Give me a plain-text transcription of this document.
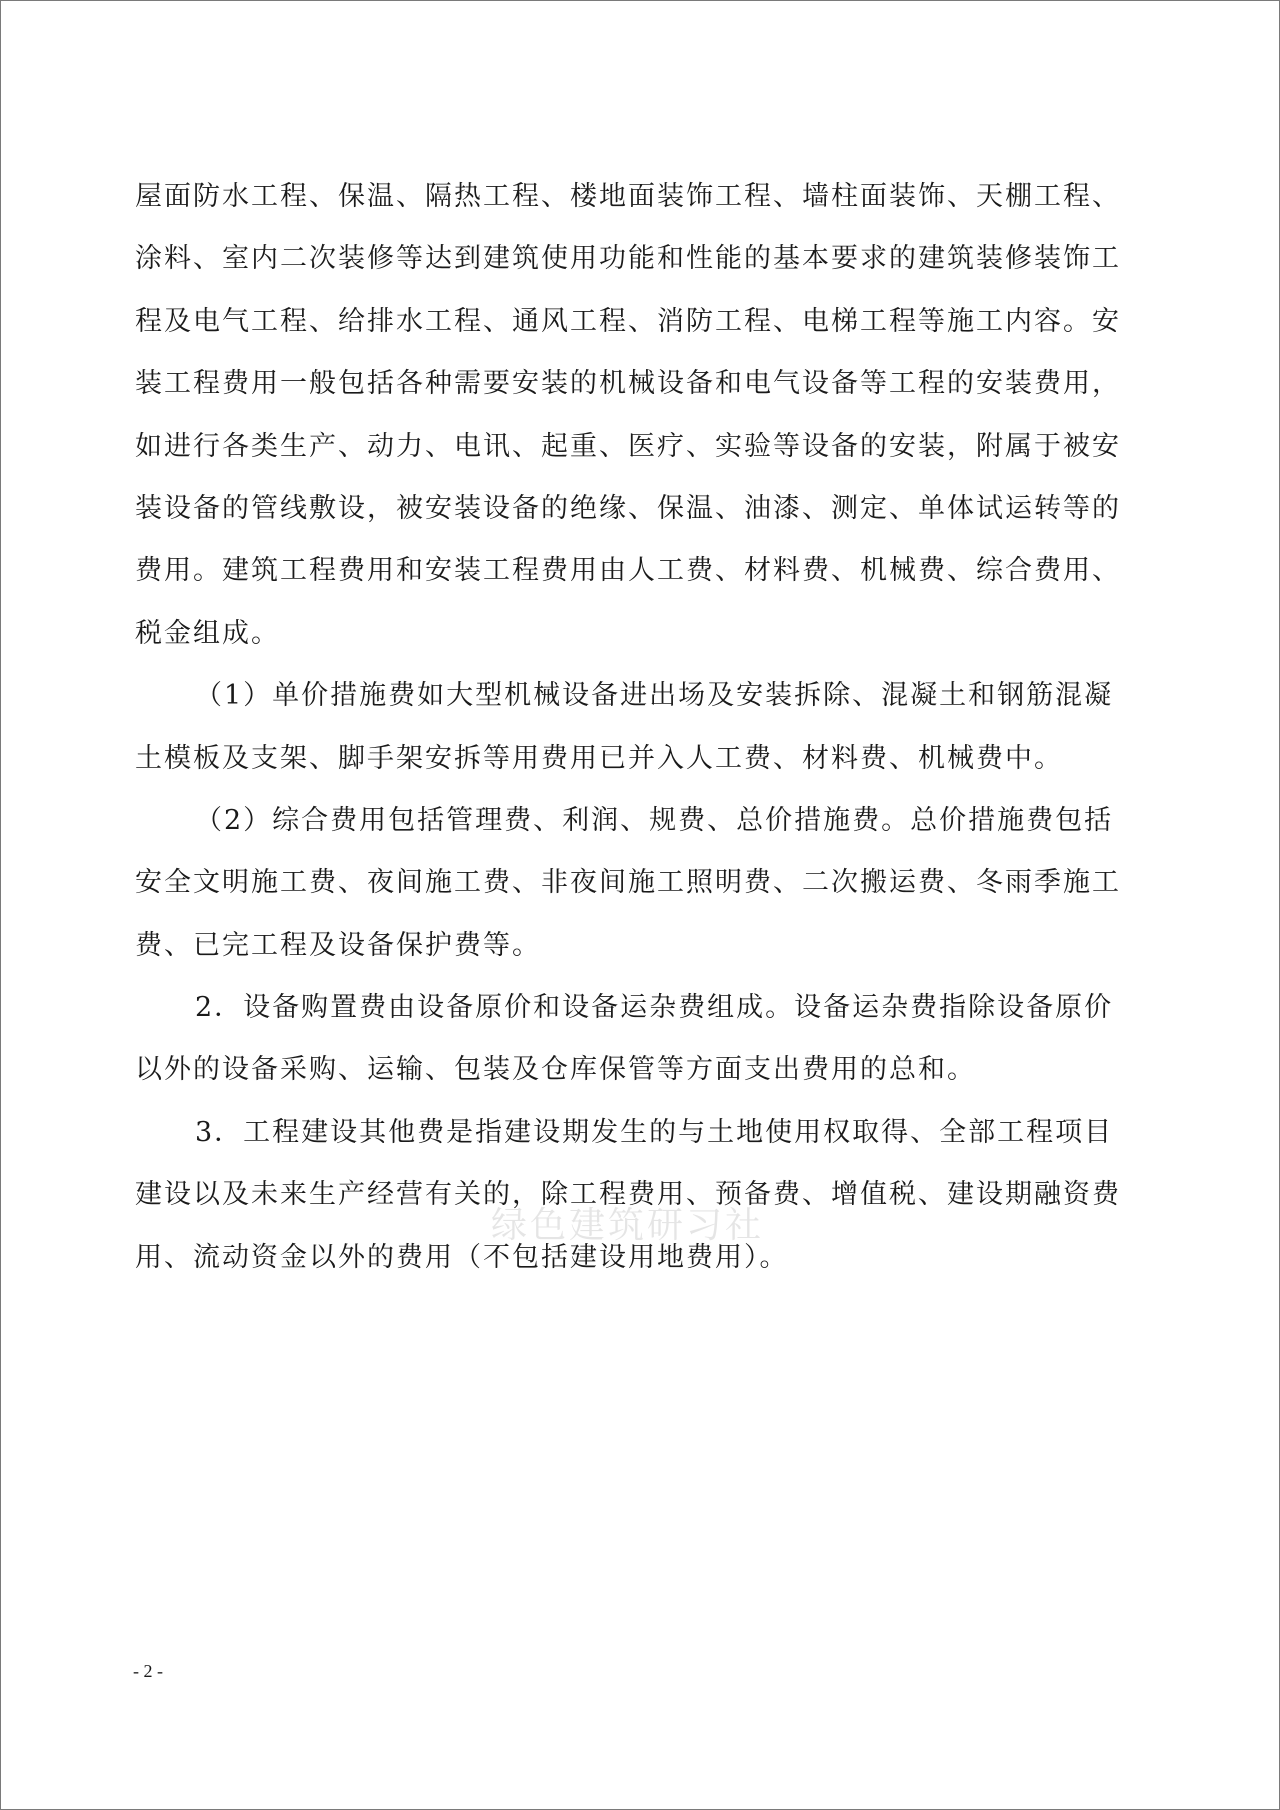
屋面防水工程、保温、隔热工程、楼地面装饰工程、墙柱面装饰、天棚工程、
涂料、室内二次装修等达到建筑使用功能和性能的基本要求的建筑装修装饰工
程及电气工程、给排水工程、通风工程、消防工程、电梯工程等施工内容。安
装工程费用一般包括各种需要安装的机械设备和电气设备等工程的安装费用，
如进行各类生产、动力、电讯、起重、医疗、实验等设备的安装，附属于被安
装设备的管线敷设，被安装设备的绝缘、保温、油漆、测定、单体试运转等的
费用。建筑工程费用和安装工程费用由人工费、材料费、机械费、综合费用、
税金组成。
（1）单价措施费如大型机械设备进出场及安装拆除、混凝土和钢筋混凝
土模板及支架、脚手架安拆等用费用已并入人工费、材料费、机械费中。
（2）综合费用包括管理费、利润、规费、总价措施费。总价措施费包括
安全文明施工费、夜间施工费、非夜间施工照明费、二次搬运费、冬雨季施工
费、已完工程及设备保护费等。
2．设备购置费由设备原价和设备运杂费组成。设备运杂费指除设备原价
以外的设备采购、运输、包装及仓库保管等方面支出费用的总和。
3．工程建设其他费是指建设期发生的与土地使用权取得、全部工程项目
建设以及未来生产经营有关的，除工程费用、预备费、增值税、建设期融资费
用、流动资金以外的费用（不包括建设用地费用）。
绿色建筑研习社
- 2 -
